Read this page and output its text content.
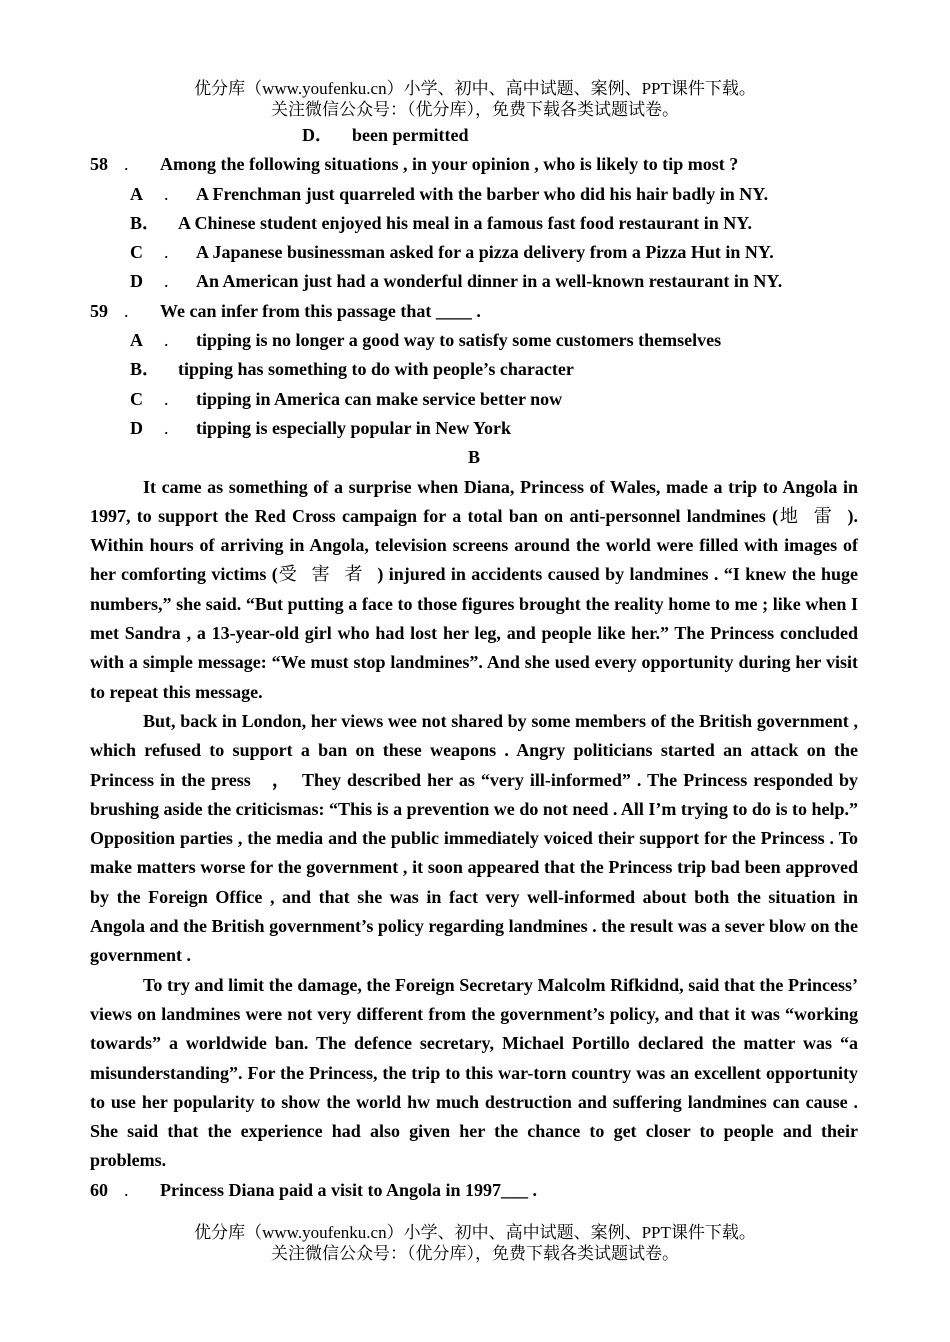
优分库（www.youfenku.cn）小学、初中、高中试题、案例、PPT课件下载。
关注微信公众号：（优分库），免费下载各类试题试卷。
D．	been permitted
58 .	Among the following situations , in your opinion , who is likely to tip most ?
A	.	A Frenchman just quarreled with the barber who did his hair badly in NY.
B． A Chinese student enjoyed his meal in a famous fast food restaurant in NY.
C	.	A Japanese businessman asked for a pizza delivery from a Pizza Hut in NY.
D	.	An American just had a wonderful dinner in a well-known restaurant in NY.
59 .	We can infer from this passage that ____ .
A	.	tipping is no longer a good way to satisfy some customers themselves
B． tipping has something to do with people’s character
C	.	tipping in America can make service better now
D	.	tipping is especially popular in New York
B
It came as something of a surprise when Diana, Princess of Wales, made a trip to Angola in 1997, to support the Red Cross campaign for a total ban on anti-personnel landmines (地雷). Within hours of arriving in Angola, television screens around the world were filled with images of her comforting victims (受害者) injured in accidents caused by landmines . “I knew the huge numbers,” she said. “But putting a face to those figures brought the reality home to me ; like when I met Sandra , a 13-year-old girl who had lost her leg, and people like her.” The Princess concluded with a simple message: “We must stop landmines”. And she used every opportunity during her visit to repeat this message.
But, back in London, her views wee not shared by some members of the British government , which refused to support a ban on these weapons . Angry politicians started an attack on the Princess in the press　，　They described her as “very ill-informed” . The Princess responded by brushing aside the criticismas: “This is a prevention we do not need . All I’m trying to do is to help.” Opposition parties , the media and the public immediately voiced their support for the Princess . To make matters worse for the government , it soon appeared that the Princess trip bad been approved by the Foreign Office , and that she was in fact very well-informed about both the situation in Angola and the British government’s policy regarding landmines . the result was a sever blow on the government .
To try and limit the damage, the Foreign Secretary Malcolm Rifkidnd, said that the Princess’ views on landmines were not very different from the government’s policy, and that it was “working towards” a worldwide ban. The defence secretary, Michael Portillo declared the matter was “a misunderstanding”. For the Princess, the trip to this war-torn country was an excellent opportunity to use her popularity to show the world hw much destruction and suffering landmines can cause . She said that the experience had also given her the chance to get closer to people and their problems.
60 .	Princess Diana paid a visit to Angola in 1997___ .
优分库（www.youfenku.cn）小学、初中、高中试题、案例、PPT课件下载。
关注微信公众号：（优分库），免费下载各类试题试卷。
